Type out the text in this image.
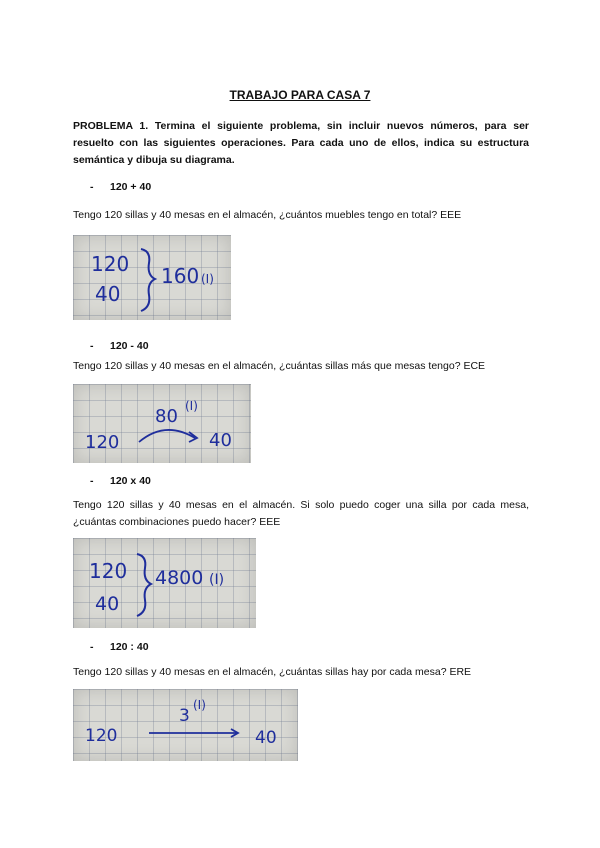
TRABAJO PARA CASA 7
PROBLEMA 1. Termina el siguiente problema, sin incluir nuevos números, para ser resuelto con las siguientes operaciones. Para cada uno de ellos, indica su estructura semántica y dibuja su diagrama.
- 120 + 40
Tengo 120 sillas y 40 mesas en el almacén, ¿cuántos muebles tengo en total? EEE
120
40
160 (I)
- 120 - 40
Tengo 120 sillas y 40 mesas en el almacén, ¿cuántas sillas más que mesas tengo? ECE
80 (I)
120	40
- 120 x 40
Tengo 120 sillas y 40 mesas en el almacén. Si solo puedo coger una silla por cada mesa, ¿cuántas combinaciones puedo hacer? EEE
120
40
4800 (I)
- 120 : 40
Tengo 120 sillas y 40 mesas en el almacén, ¿cuántas sillas hay por cada mesa? ERE
3
(I)
120	40
